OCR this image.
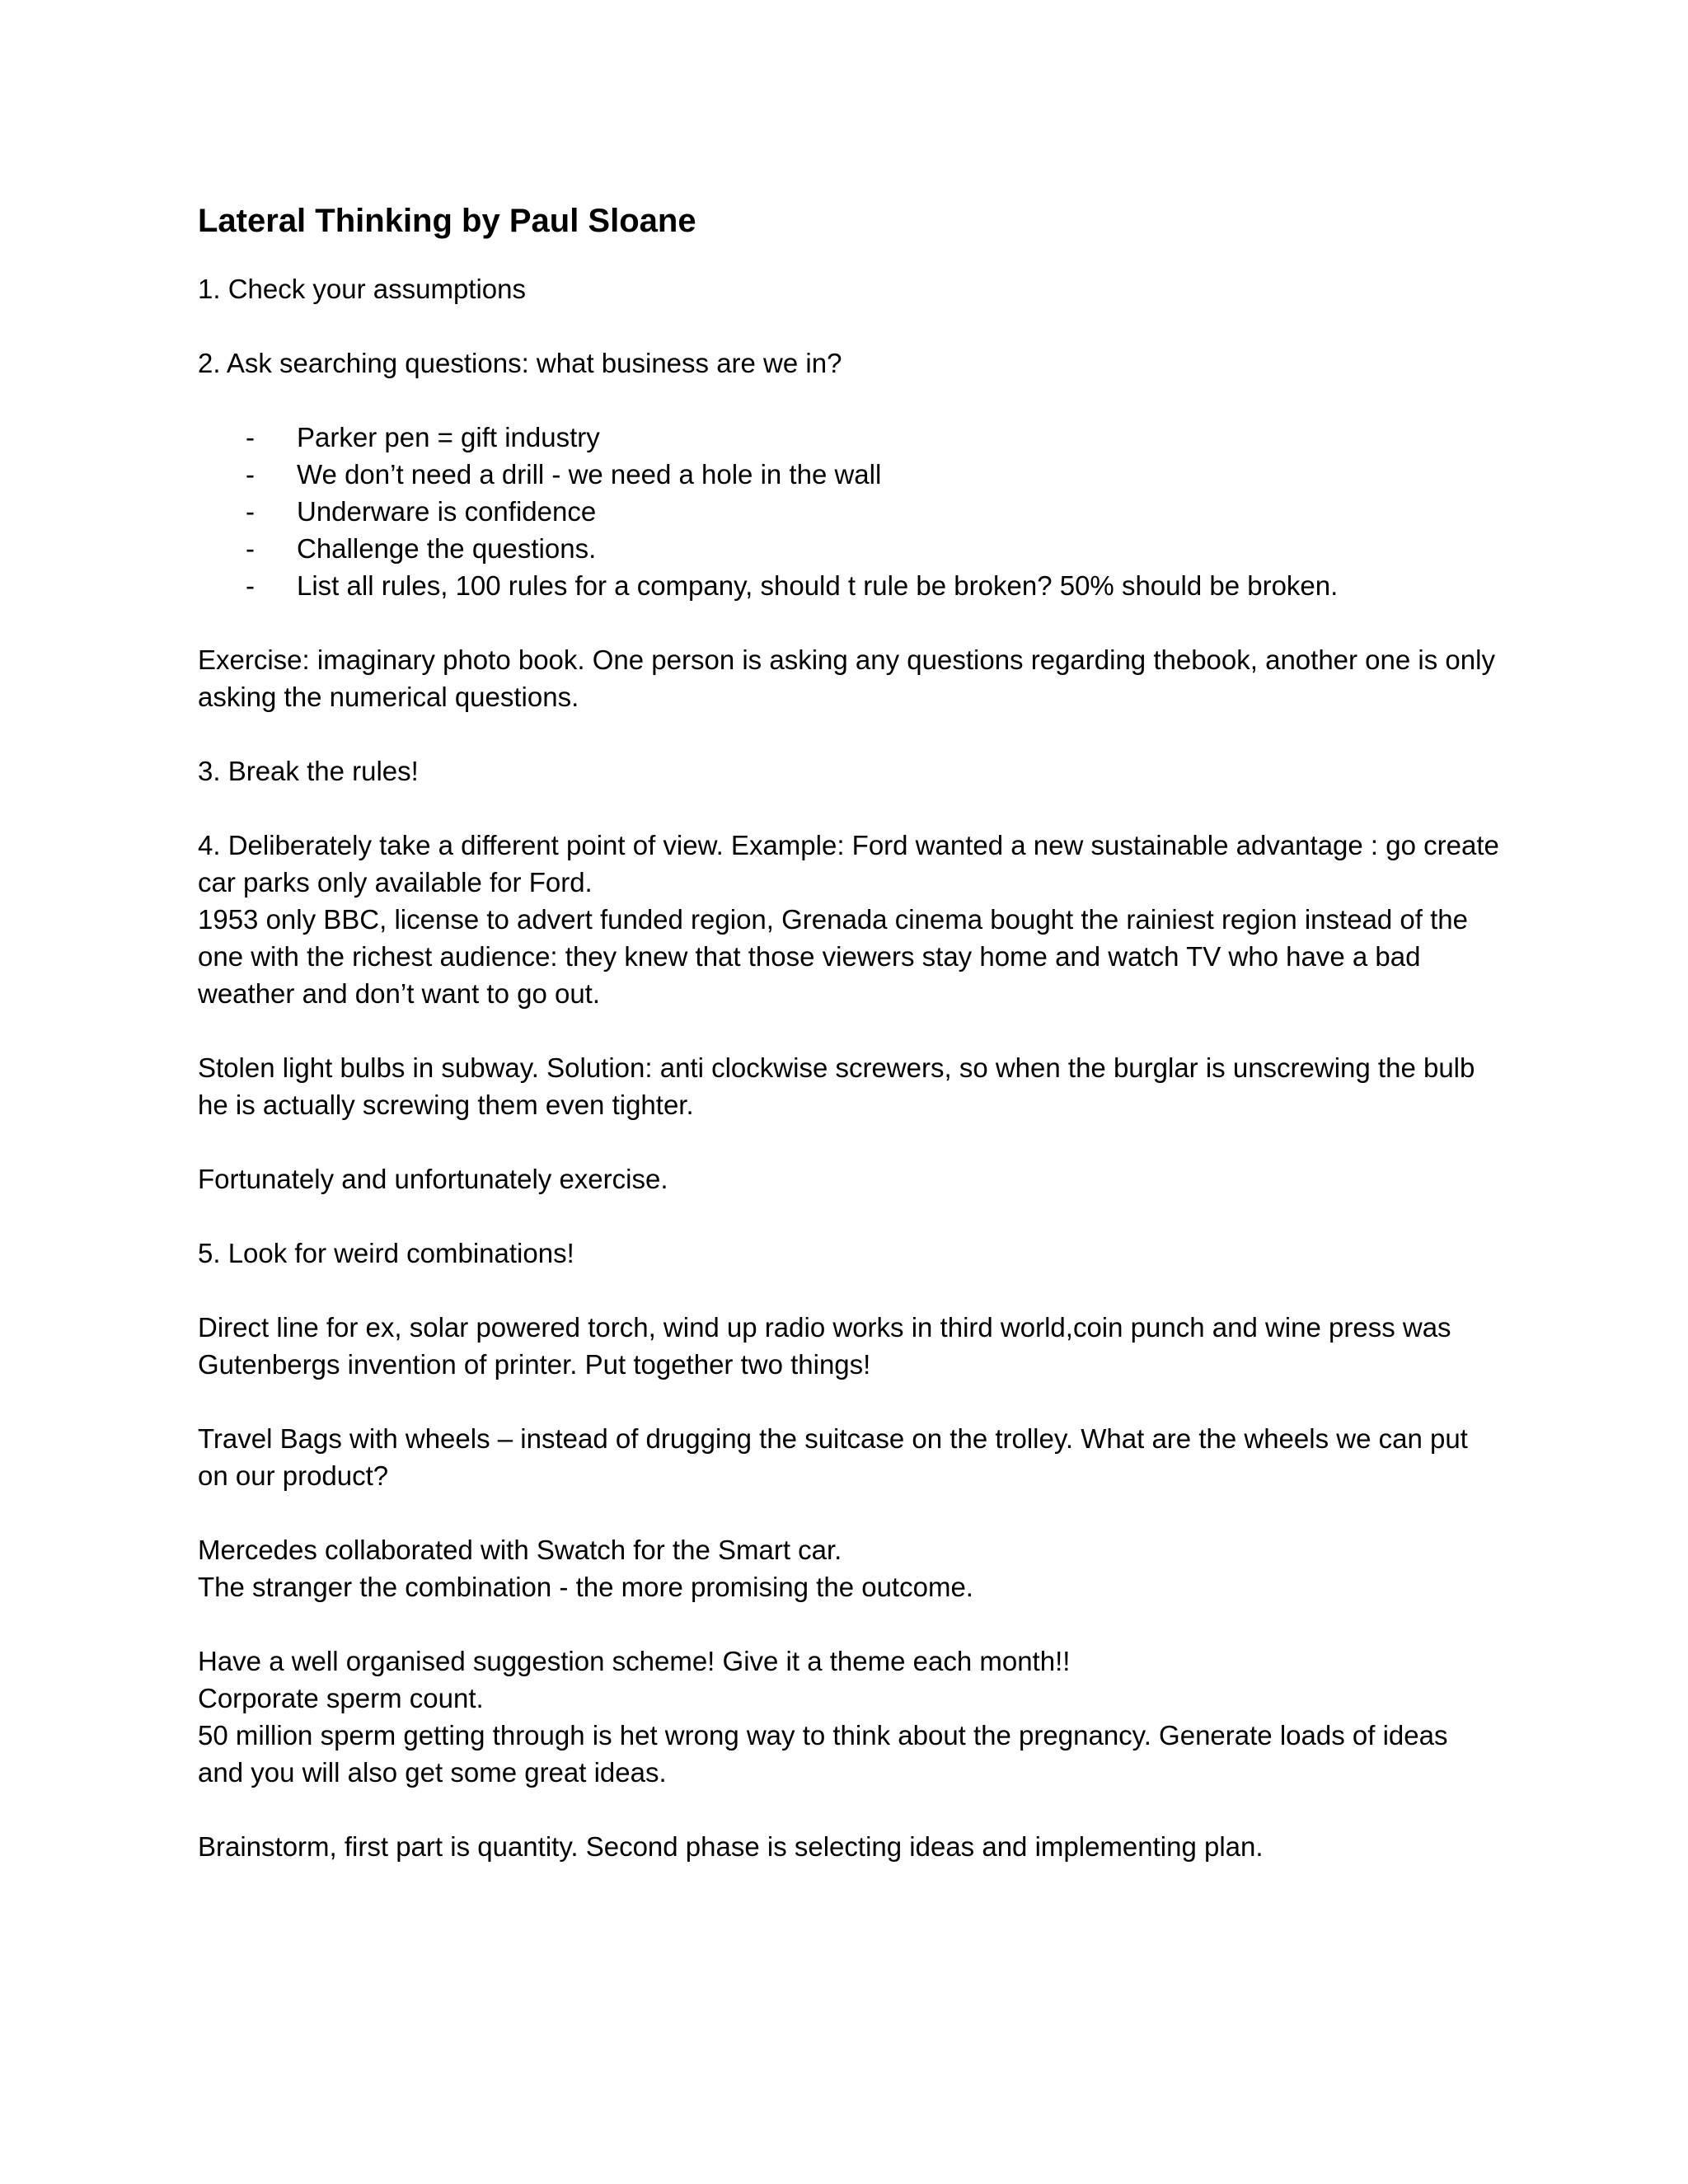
Lateral Thinking by Paul Sloane
1. Check your assumptions
2. Ask searching questions: what business are we in?
- Parker pen = gift industry
- We don’t need a drill - we need a hole in the wall
- Underware is confidence
- Challenge the questions.
- List all rules, 100 rules for a company, should t rule be broken? 50% should be broken.
Exercise: imaginary photo book. One person is asking any questions regarding thebook, another one is only asking the numerical questions.
3. Break the rules!
4. Deliberately take a different point of view. Example: Ford wanted a new sustainable advantage : go create car parks only available for Ford.
1953 only BBC, license to advert funded region, Grenada cinema bought the rainiest region instead of the one with the richest audience: they knew that those viewers stay home and watch TV who have a bad weather and don’t want to go out.
Stolen light bulbs in subway. Solution: anti clockwise screwers, so when the burglar is unscrewing the bulb he is actually screwing them even tighter.
Fortunately and unfortunately exercise.
5. Look for weird combinations!
Direct line for ex, solar powered torch, wind up radio works in third world,coin punch and wine press was Gutenbergs invention of printer. Put together two things!
Travel Bags with wheels – instead of drugging the suitcase on the trolley. What are the wheels we can put on our product?
Mercedes collaborated with Swatch for the Smart car.
The stranger the combination - the more promising the outcome.
Have a well organised suggestion scheme! Give it a theme each month!!
Corporate sperm count.
50 million sperm getting through is het wrong way to think about the pregnancy. Generate loads of ideas and you will also get some great ideas.
Brainstorm, first part is quantity. Second phase is selecting ideas and implementing plan.
